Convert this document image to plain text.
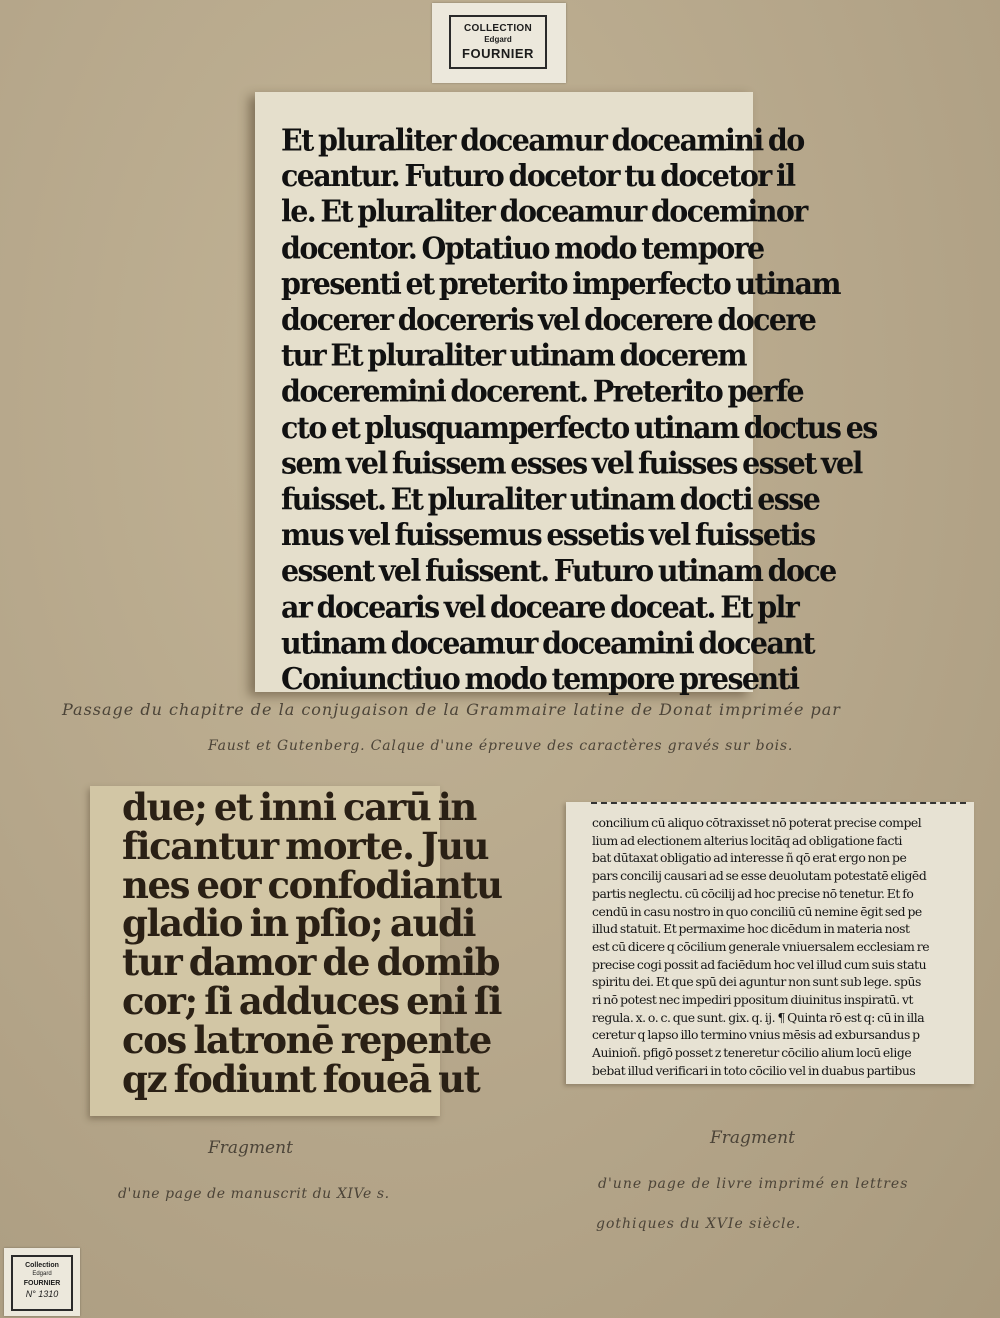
COLLECTION
Edgard
FOURNIER
Et pluraliter doceamur doceamini do
ceantur. Futuro docetor tu docetor il
le. Et pluraliter doceamur doceminor
docentor. Optatiuo modo tempore
presenti et preterito imperfecto utinam
docerer docereris vel docerere docere
tur Et pluraliter utinam docerem
doceremini docerent. Preterito perfe
cto et plusquamperfecto utinam doctus es
sem vel fuissem esses vel fuisses esset vel
fuisset. Et pluraliter utinam docti esse
mus vel fuissemus essetis vel fuissetis
essent vel fuissent. Futuro utinam doce
ar docearis vel doceare doceat. Et plr
utinam doceamur doceamini doceant
Coniunctiuo modo tempore presenti
Passage du chapitre de la conjugaison de la Grammaire latine de Donat imprimée par
Faust et Gutenberg. Calque d'une épreuve des caractères gravés sur bois.
due; et inni carū in
ficantur morte. Juu
nes eor confodiantu
gladio in pſio; audi
tur damor de domib
cor; ſi adduces eni ſi
cos latronē repente
qz fodiunt foueā ut
Fragment
d'une page de manuscrit du XIVe s.
concilium cū aliquo cōtraxisset nō poterat precise compel
lium ad electionem alterius locitāq ad obligatione facti
bat dūtaxat obligatio ad interesse ñ qō erat ergo non pe
pars concilij causari ad se esse deuolutam potestatē eligēd
partis neglectu. cū cōcilij ad hoc precise nō tenetur. Et fo
cendū in casu nostro in quo conciliū cū nemine ēgit sed pe
illud statuit. Et permaxime hoc dicēdum in materia nost
est cū dicere q cōcilium generale vniuersalem ecclesiam re
precise cogi possit ad faciēdum hoc vel illud cum suis statu
spiritu dei. Et que spū dei aguntur non sunt sub lege. spūs
ri nō potest nec impediri ppositum diuinitus inspiratū. vt
regula. x. o. c. que sunt. gix. q. ij. ¶ Quinta rō est q: cū in illa
ceretur q lapso illo termino vnius mēsis ad exbursandus p
Auinioñ. pfigō posset z teneretur cōcilio alium locū elige
bebat illud verificari in toto cōcilio vel in duabus partibus
Fragment
d'une page de livre imprimé en lettres
gothiques du XVIe siècle.
Collection
Edgard
FOURNIER
N° 1310
